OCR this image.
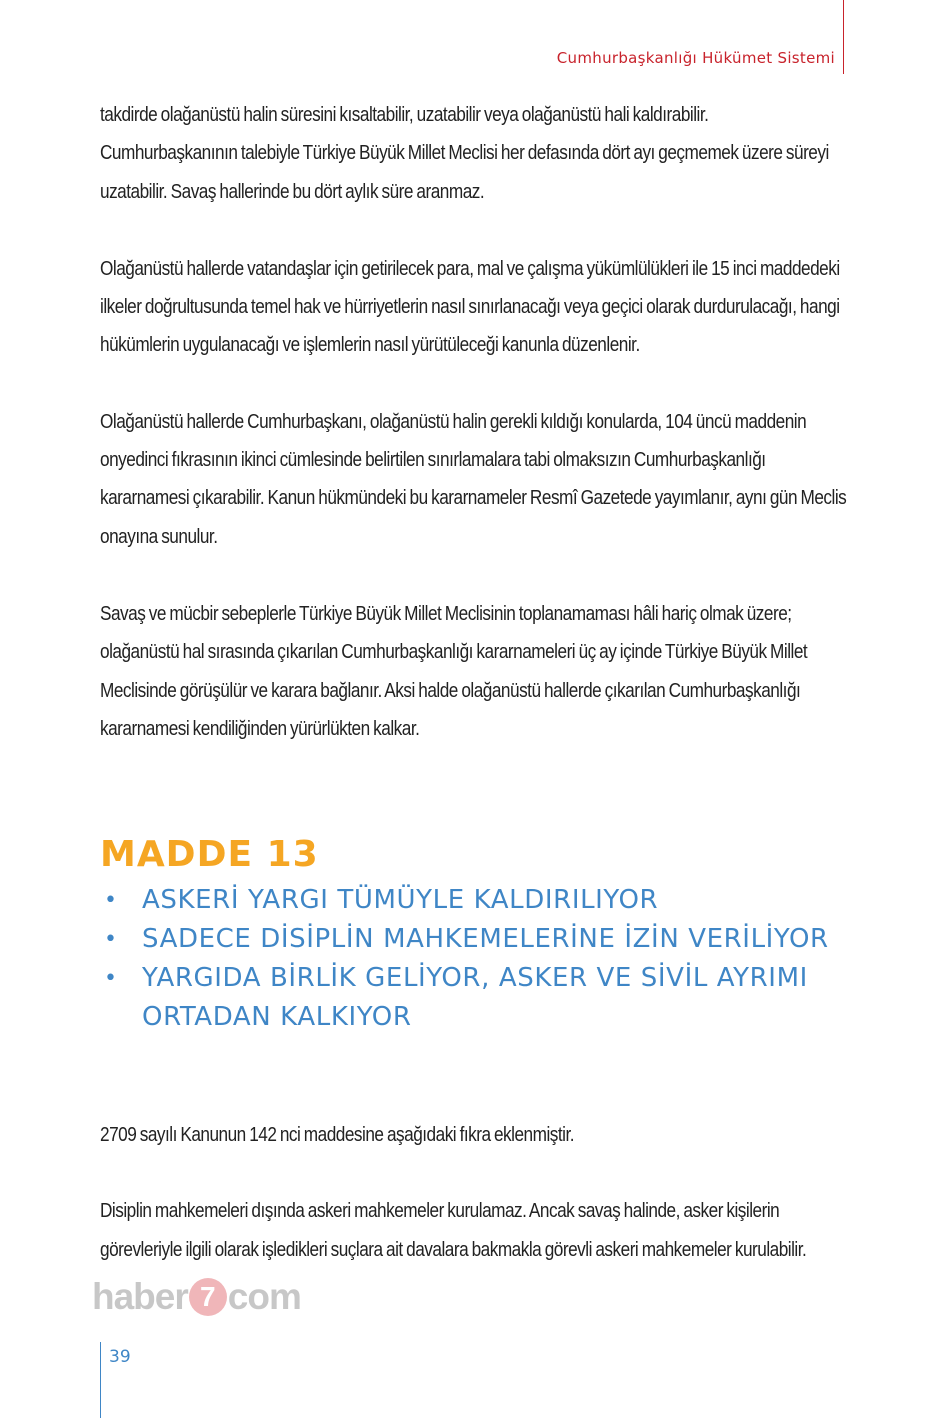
Cumhurbaşkanlığı Hükümet Sistemi

takdirde olağanüstü halin süresini kısaltabilir, uzatabilir veya olağanüstü hali kaldırabilir. Cumhurbaşkanının talebiyle Türkiye Büyük Millet Meclisi her defasında dört ayı geçmemek üzere süreyi uzatabilir. Savaş hallerinde bu dört aylık süre aranmaz.

Olağanüstü hallerde vatandaşlar için getirilecek para, mal ve çalışma yükümlülükleri ile 15 inci maddedeki ilkeler doğrultusunda temel hak ve hürriyetlerin nasıl sınırlanacağı veya geçici olarak durdurulacağı, hangi hükümlerin uygulanacağı ve işlemlerin nasıl yürütüleceği kanunla düzenlenir.

Olağanüstü hallerde Cumhurbaşkanı, olağanüstü halin gerekli kıldığı konularda, 104 üncü maddenin onyedinci fıkrasının ikinci cümlesinde belirtilen sınırlamalara tabi olmaksızın Cumhurbaşkanlığı kararnamesi çıkarabilir. Kanun hükmündeki bu kararnameler Resmî Gazetede yayımlanır, aynı gün Meclis onayına sunulur.

Savaş ve mücbir sebeplerle Türkiye Büyük Millet Meclisinin toplanamaması hâli hariç olmak üzere; olağanüstü hal sırasında çıkarılan Cumhurbaşkanlığı kararnameleri üç ay içinde Türkiye Büyük Millet Meclisinde görüşülür ve karara bağlanır. Aksi halde olağanüstü hallerde çıkarılan Cumhurbaşkanlığı kararnamesi kendiliğinden yürürlükten kalkar.

MADDE 13
• ASKERİ YARGI TÜMÜYLE KALDIRILIYOR
• SADECE DİSİPLİN MAHKEMELERİNE İZİN VERİLİYOR
• YARGIDA BİRLİK GELİYOR, ASKER VE SİVİL AYRIMI ORTADAN KALKIYOR

2709 sayılı Kanunun 142 nci maddesine aşağıdaki fıkra eklenmiştir.

Disiplin mahkemeleri dışında askeri mahkemeler kurulamaz. Ancak savaş halinde, asker kişilerin görevleriyle ilgili olarak işledikleri suçlara ait davalara bakmakla görevli askeri mahkemeler kurulabilir.

haber 7 com
39
